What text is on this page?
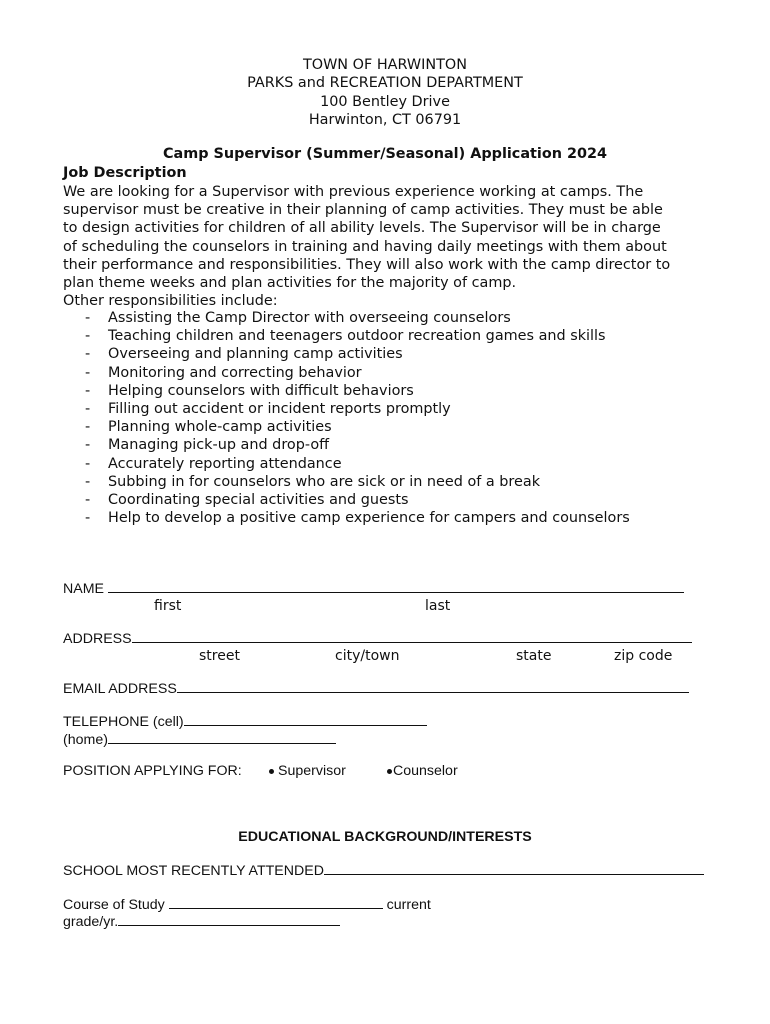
TOWN OF HARWINTON
PARKS and RECREATION DEPARTMENT
100 Bentley Drive
Harwinton, CT 06791
Camp Supervisor (Summer/Seasonal) Application 2024
Job Description
We are looking for a Supervisor with previous experience working at camps. The
supervisor must be creative in their planning of camp activities. They must be able
to design activities for children of all ability levels. The Supervisor will be in charge
of scheduling the counselors in training and having daily meetings with them about
their performance and responsibilities. They will also work with the camp director to
plan theme weeks and plan activities for the majority of camp.
Other responsibilities include:
- Assisting the Camp Director with overseeing counselors
- Teaching children and teenagers outdoor recreation games and skills
- Overseeing and planning camp activities
- Monitoring and correcting behavior
- Helping counselors with difficult behaviors
- Filling out accident or incident reports promptly
- Planning whole-camp activities
- Managing pick-up and drop-off
- Accurately reporting attendance
- Subbing in for counselors who are sick or in need of a break
- Coordinating special activities and guests
- Help to develop a positive camp experience for campers and counselors
NAME
first	last
ADDRESS
street	city/town	state	zip code
EMAIL ADDRESS
TELEPHONE (cell)
(home)
POSITION APPLYING FOR:	Supervisor	Counselor
EDUCATIONAL BACKGROUND/INTERESTS
SCHOOL MOST RECENTLY ATTENDED
Course of Study	current
grade/yr.
